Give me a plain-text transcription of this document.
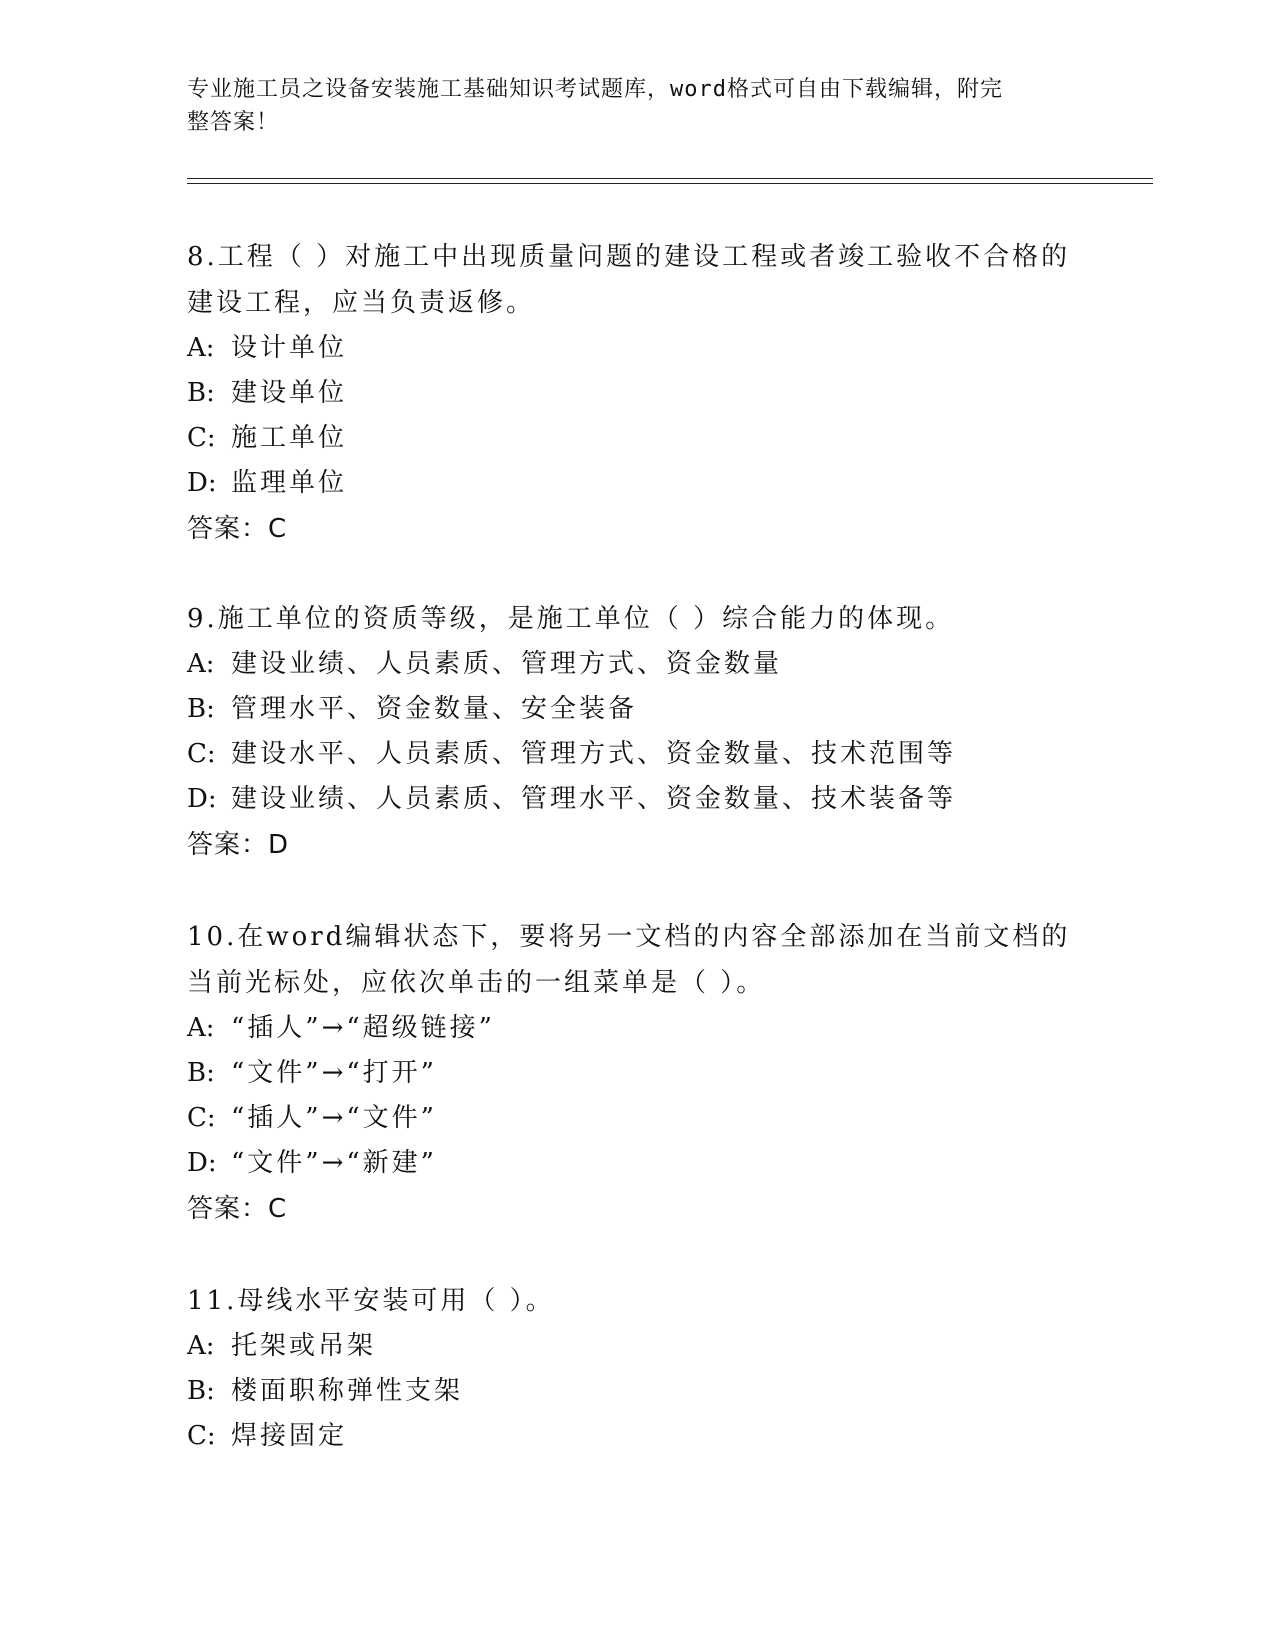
专业施工员之设备安装施工基础知识考试题库，word格式可自由下载编辑，附完
整答案！

8.工程（ ）对施工中出现质量问题的建设工程或者竣工验收不合格的

建设工程，应当负责返修。

A: 设计单位

B: 建设单位

C: 施工单位

D: 监理单位

答案：C

9.施工单位的资质等级，是施工单位（ ）综合能力的体现。

A: 建设业绩、人员素质、管理方式、资金数量

B: 管理水平、资金数量、安全装备

C: 建设水平、人员素质、管理方式、资金数量、技术范围等

D: 建设业绩、人员素质、管理水平、资金数量、技术装备等

答案：D

10.在word编辑状态下，要将另一文档的内容全部添加在当前文档的

当前光标处，应依次单击的一组菜单是（ ）。

A: “插人”→“超级链接”

B: “文件”→“打开”

C: “插人”→“文件”

D: “文件”→“新建”

答案：C

11.母线水平安装可用（ ）。

A: 托架或吊架

B: 楼面职称弹性支架

C: 焊接固定
